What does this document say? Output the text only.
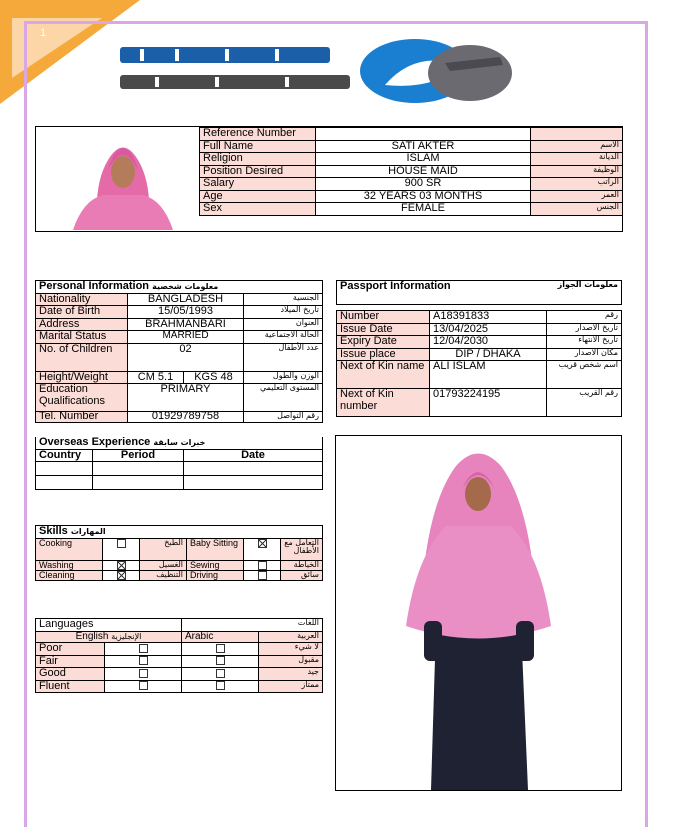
1
Reference Number		
Full Name	SATI AKTER	الاسم
Religion	ISLAM	الديانة
Position Desired	HOUSE MAID	الوظيفة
Salary	900 SR	الراتب
Age	32 YEARS 03 MONTHS	العمر
Sex	FEMALE	الجنس
Personal Information معلومات شخصية			
Nationality	BANGLADESH		الجنسية
Date of Birth	15/05/1993		تاريخ الميلاد
Address	BRAHMANBARI		العنوان
Marital Status	MARRIED		الحالة الاجتماعية
No. of Children	02		عدد الأطفال
Height/Weight	CM 5.1	KGS 48	الوزن والطول
Education Qualifications	PRIMARY		المستوى التعليمي
Tel. Number	01929789758		رقم التواصل
Overseas Experience خبرات سابقة		
Country	Period	Date

Skills المهارات					
Cooking		الطبخ	Baby Sitting		التعامل مع الأطفال
Washing		الغسيل	Sewing		الخياطة
Cleaning		التنظيف	Driving		سائق
Languages		اللغات	
English الإنجليزية		Arabic	العربية
Poor			لا شيء
Fair			مقبول
Good			جيد
Fluent			ممتاز
Passport Information معلومات الجواز		

Number	A18391833	رقم
Issue Date	13/04/2025	تاريخ الاصدار
Expiry Date	12/04/2030	تاريخ الانتهاء
Issue place	DIP / DHAKA	مكان الاصدار
Next of Kin name	ALI ISLAM	اسم شخص قريب
Next of Kin number	01793224195	رقم القريب
